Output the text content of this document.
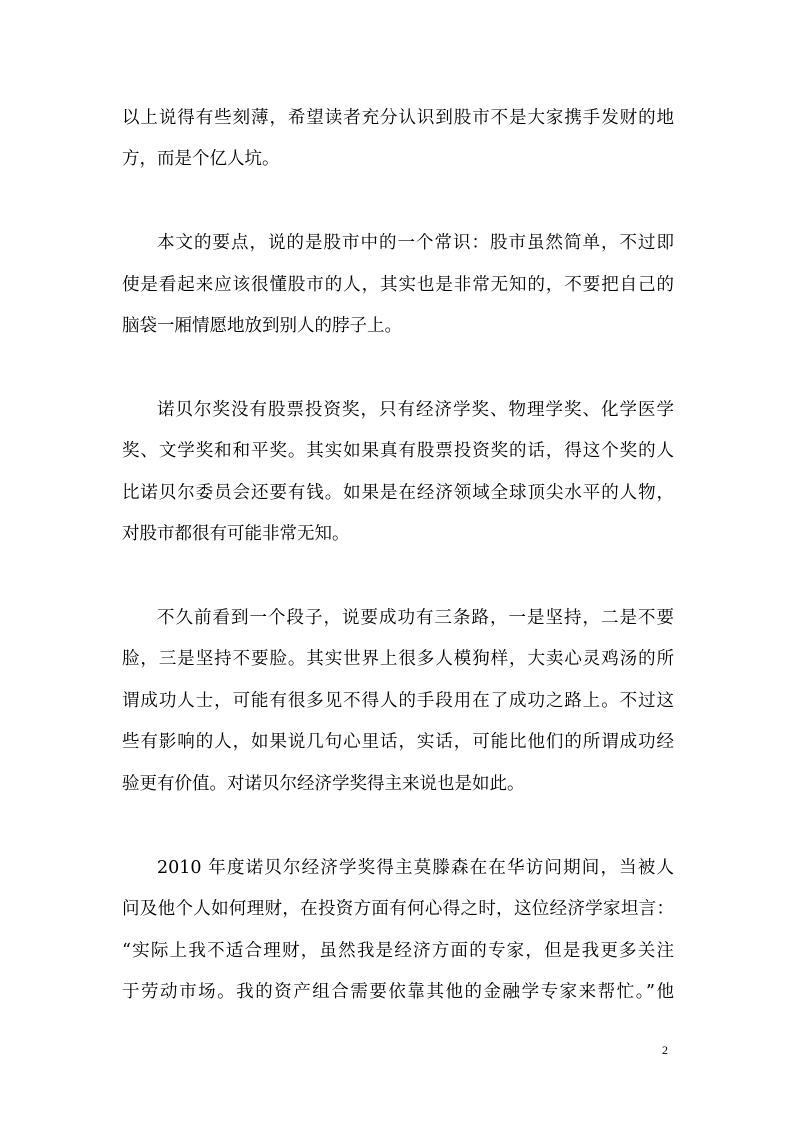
以上说得有些刻薄，希望读者充分认识到股市不是大家携手发财的地
方，而是个亿人坑。
本文的要点，说的是股市中的一个常识：股市虽然简单，不过即
使是看起来应该很懂股市的人，其实也是非常无知的，不要把自己的
脑袋一厢情愿地放到别人的脖子上。
诺贝尔奖没有股票投资奖，只有经济学奖、物理学奖、化学医学
奖、文学奖和和平奖。其实如果真有股票投资奖的话，得这个奖的人
比诺贝尔委员会还要有钱。如果是在经济领域全球顶尖水平的人物，
对股市都很有可能非常无知。
不久前看到一个段子，说要成功有三条路，一是坚持，二是不要
脸，三是坚持不要脸。其实世界上很多人模狗样，大卖心灵鸡汤的所
谓成功人士，可能有很多见不得人的手段用在了成功之路上。不过这
些有影响的人，如果说几句心里话，实话，可能比他们的所谓成功经
验更有价值。对诺贝尔经济学奖得主来说也是如此。
2010 年度诺贝尔经济学奖得主莫滕森在在华访问期间，当被人
问及他个人如何理财，在投资方面有何心得之时，这位经济学家坦言：
“实际上我不适合理财，虽然我是经济方面的专家，但是我更多关注
于劳动市场。我的资产组合需要依靠其他的金融学专家来帮忙。”他
2
